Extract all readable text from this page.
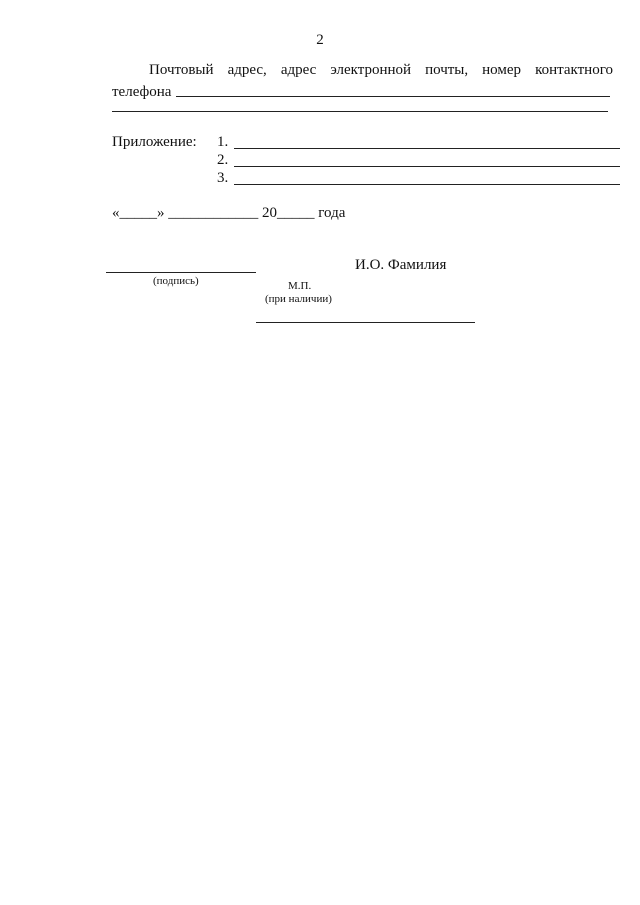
2
Почтовый адрес, адрес электронной почты, номер контактного
телефона
Приложение: 1.
2.
3.
«_____» ____________ 20_____ года
И.О. Фамилия
(подпись)	М.П.
(при наличии)
